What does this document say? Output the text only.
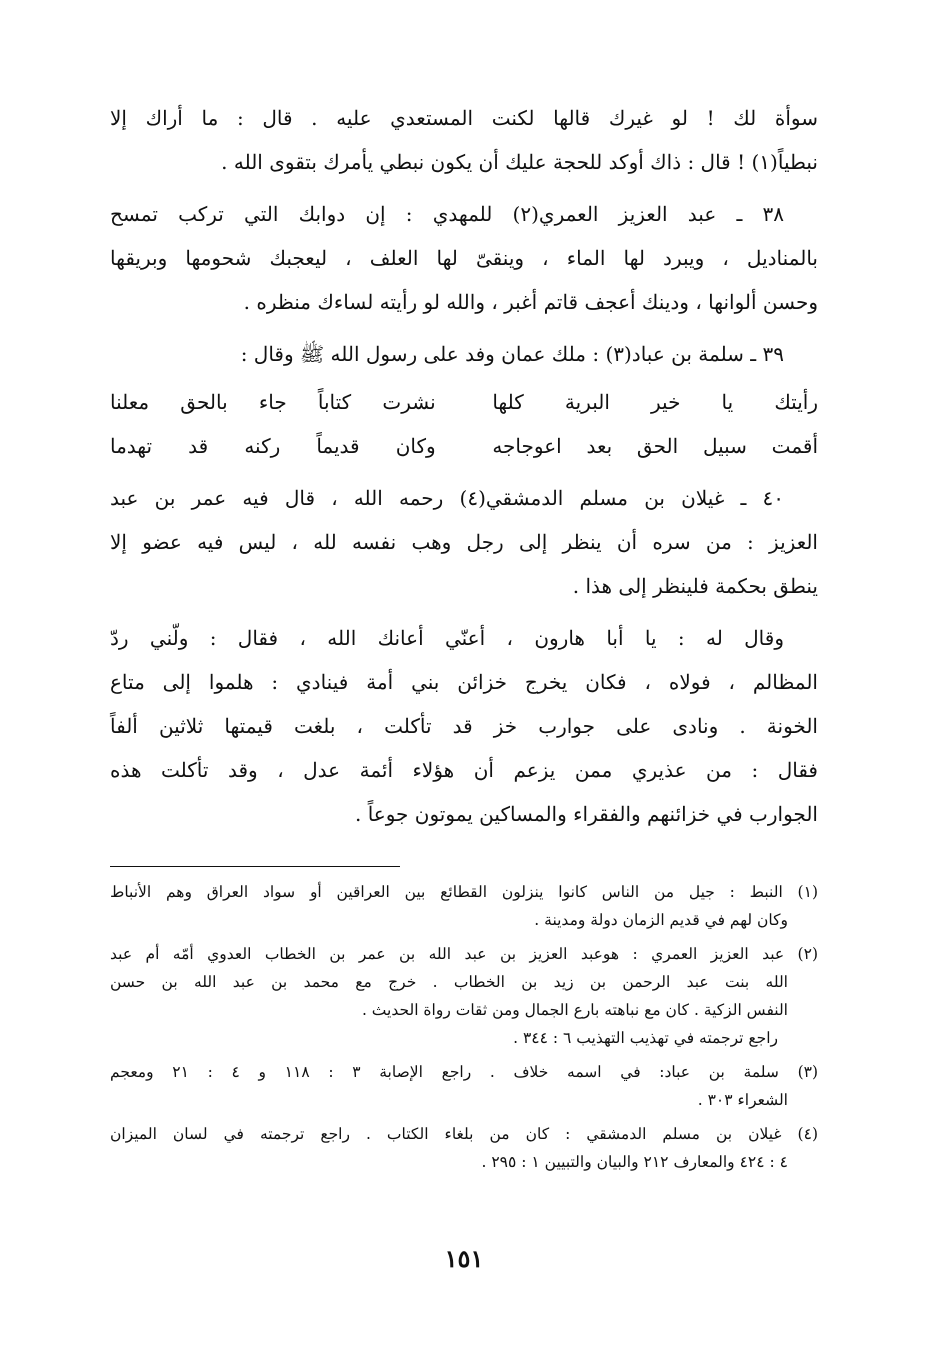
سوأة لك ! لو غيرك قالها لكنت المستعدي عليه . قال : ما أراك إلا
نبطياً(١) ! قال : ذاك أوكد للحجة عليك أن يكون نبطي يأمرك بتقوى الله .

٣٨ ـ عبد العزيز العمري(٢) للمهدي : إن دوابك التي تركب تمسح
بالمناديل ، ويبرد لها الماء ، وينقىّ لها العلف ، ليعجبك شحومها وبريقها
وحسن ألوانها ، ودينك أعجف قاتم أغبر ، والله لو رأيته لساءك منظره .

٣٩ ـ سلمة بن عباد(٣) : ملك عمان وفد على رسول الله ﷺ وقال :

رأيتك يا خير البرية كلها
نشرت كتاباً جاء بالحق معلنا
أقمت سبيل الحق بعد اعوجاجه
وكان قديماً ركنه قد تهدما

٤٠ ـ غيلان بن مسلم الدمشقي(٤) رحمه الله ، قال فيه عمر بن عبد
العزيز : من سره أن ينظر إلى رجل وهب نفسه لله ، ليس فيه عضو إلا
ينطق بحكمة فلينظر إلى هذا .

وقال له : يا أبا هارون ، أعنّي أعانك الله ، فقال : ولّني ردّ
المظالم ، فولاه ، فكان يخرج خزائن بني أمة فينادي : هلموا إلى متاع
الخونة . ونادى على جوارب خز قد تأكلت ، بلغت قيمتها ثلاثين ألفاً
فقال : من عذيري ممن يزعم أن هؤلاء أئمة عدل ، وقد تأكلت هذه
الجوارب في خزائنهم والفقراء والمساكين يموتون جوعاً .

(١) النبط : جيل من الناس كانوا ينزلون القطائع بين العراقين أو سواد العراق وهم الأنباط
وكان لهم في قديم الزمان دولة ومدينة .

(٢) عبد العزيز العمري : هوعبد العزيز بن عبد الله بن عمر بن الخطاب العدوي أمّه أم عبد
الله بنت عبد الرحمن بن زيد بن الخطاب . خرج مع محمد بن عبد الله بن حسن
النفس الزكية . كان مع نباهته بارع الجمال ومن ثقات رواة الحديث .
راجع ترجمته في تهذيب التهذيب ٦ : ٣٤٤ .

(٣) سلمة بن عباد: في اسمه خلاف . راجع الإصابة ٣ : ١١٨ و ٤ : ٢١ ومعجم
الشعراء ٣٠٣ .

(٤) غيلان بن مسلم الدمشقي : كان من بلغاء الكتاب . راجع ترجمته في لسان الميزان
٤ : ٤٢٤ والمعارف ٢١٢ والبيان والتبيين ١ : ٢٩٥ .

١٥١
